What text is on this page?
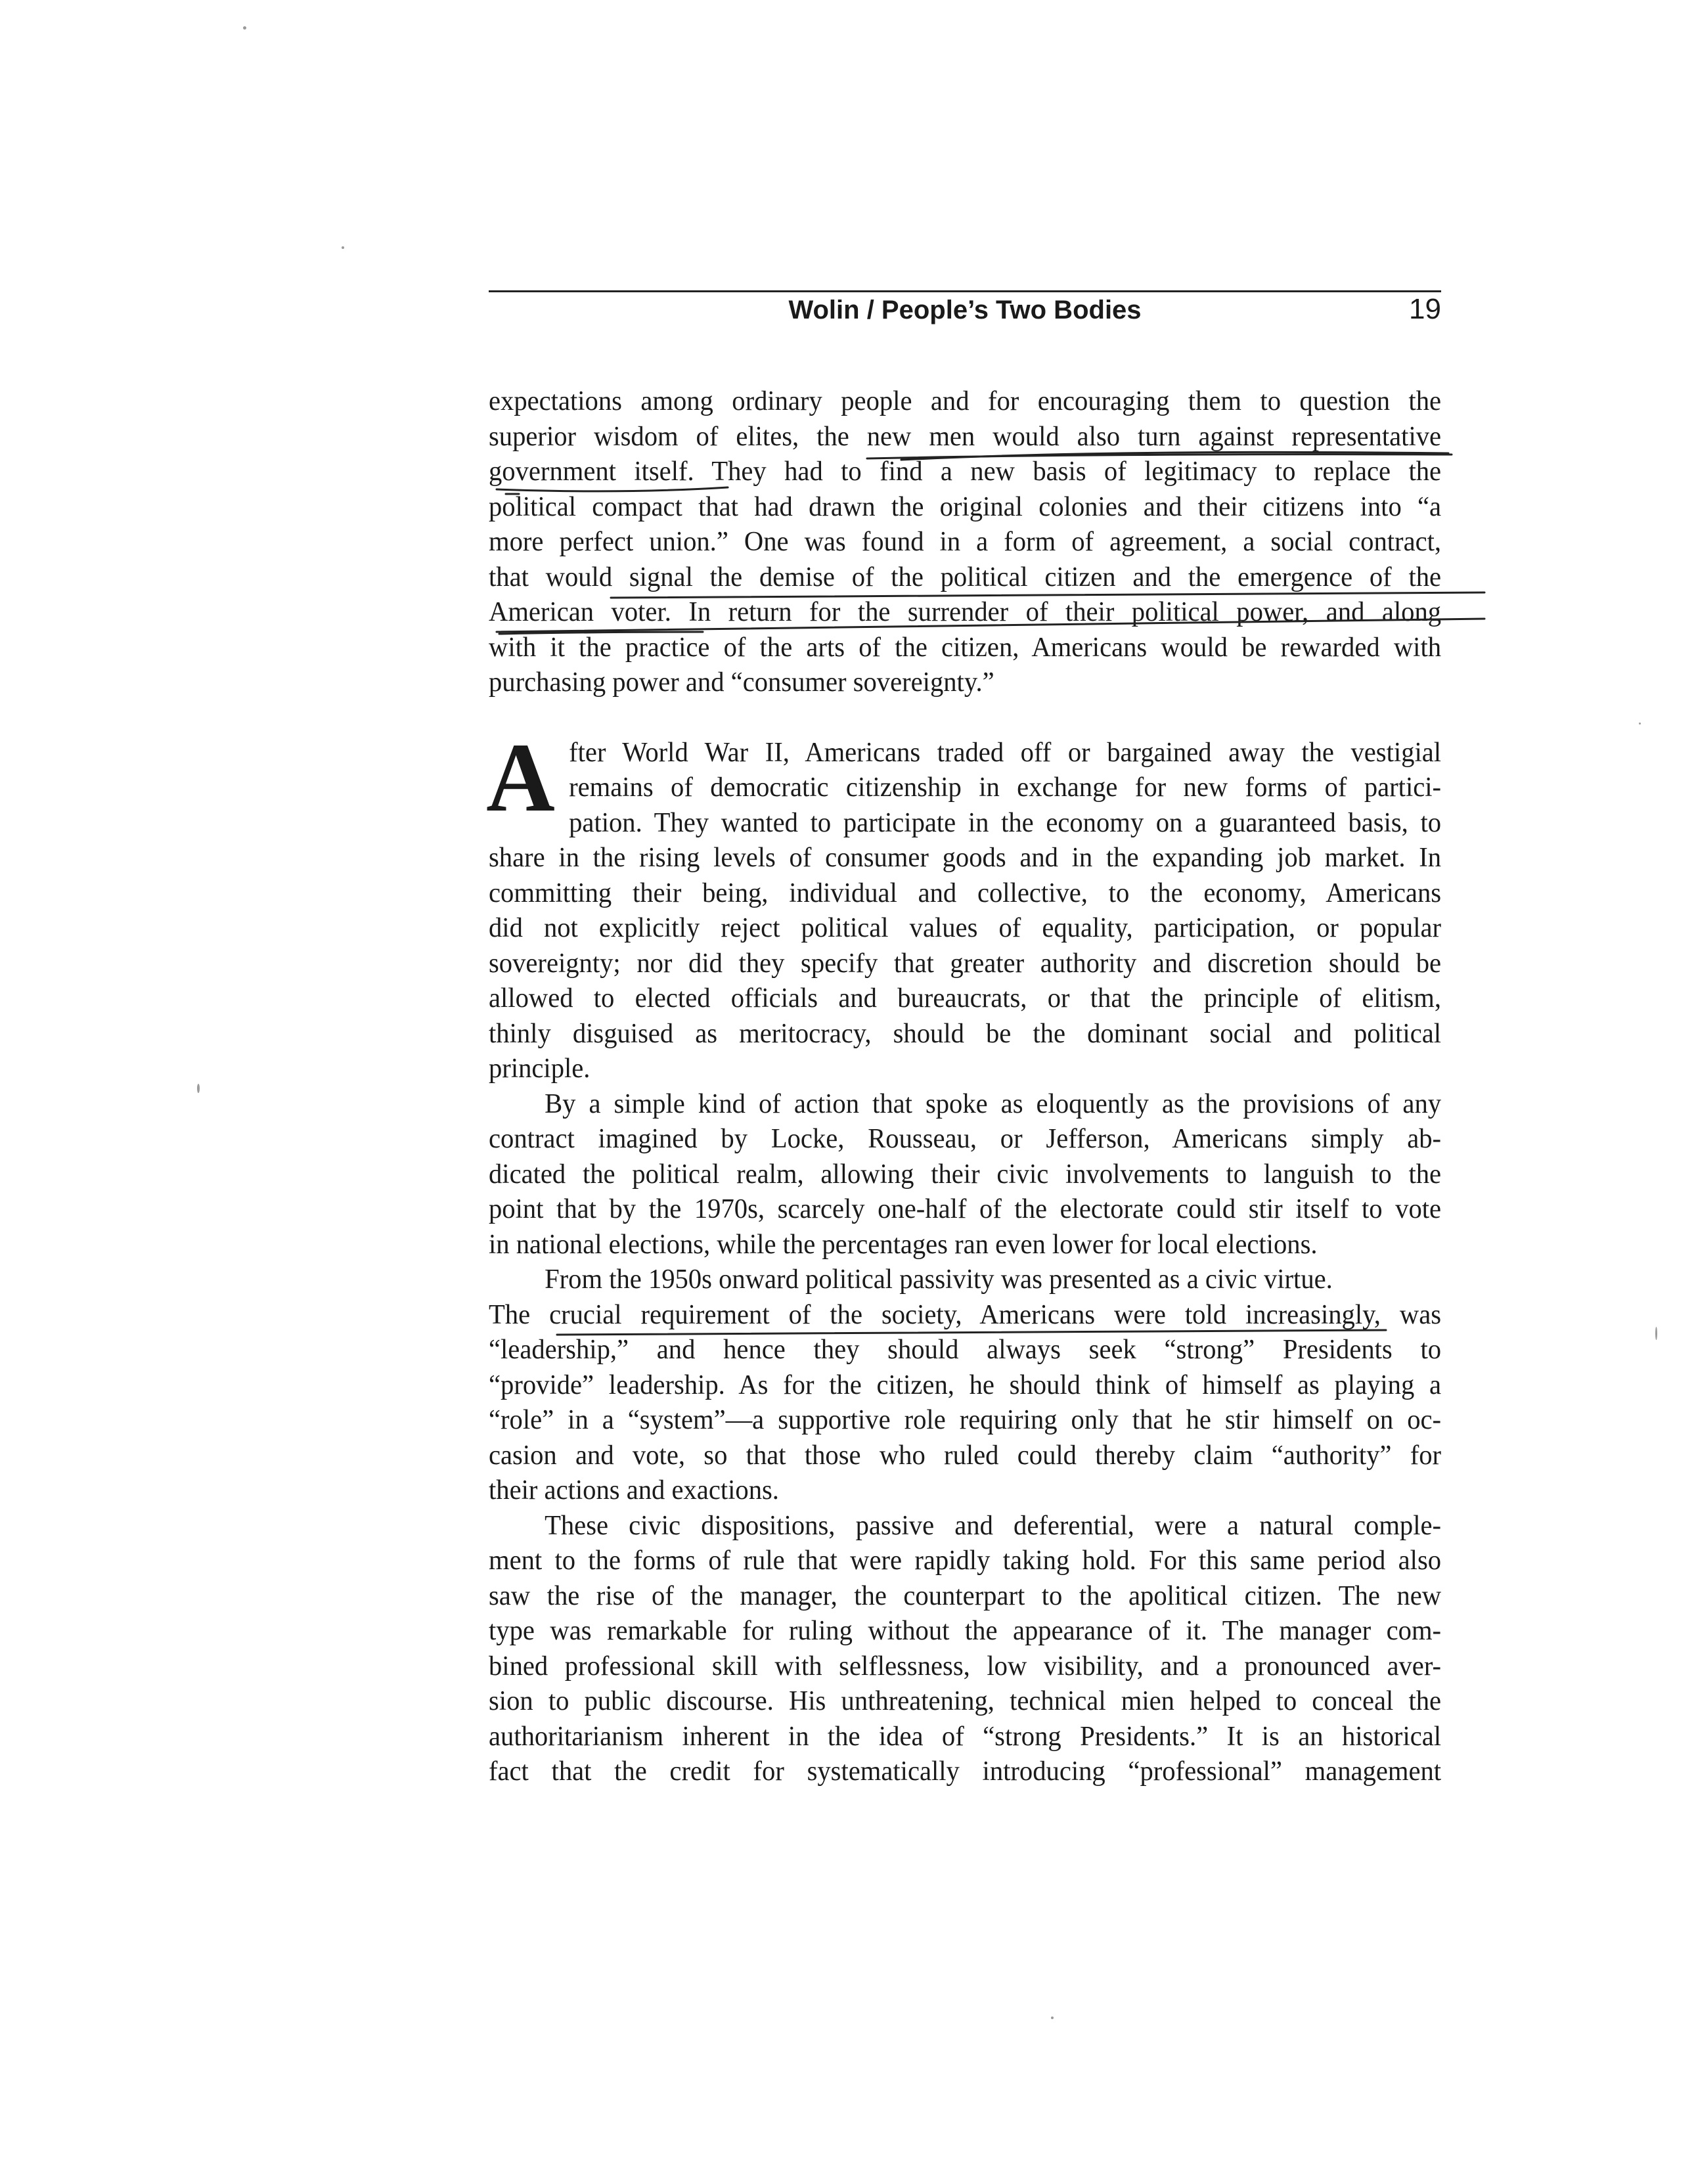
Wolin / People’s Two Bodies	19

expectations among ordinary people and for encouraging them to question the
superior wisdom of elites, the new men would also turn against representative
government itself. They had to find a new basis of legitimacy to replace the
political compact that had drawn the original colonies and their citizens into “a
more perfect union.” One was found in a form of agreement, a social contract,
that would signal the demise of the political citizen and the emergence of the
American voter. In return for the surrender of their political power, and along
with it the practice of the arts of the citizen, Americans would be rewarded with
purchasing power and “consumer sovereignty.”

A fter World War II, Americans traded off or bargained away the vestigial
remains of democratic citizenship in exchange for new forms of partici-
pation. They wanted to participate in the economy on a guaranteed basis, to
share in the rising levels of consumer goods and in the expanding job market. In
committing their being, individual and collective, to the economy, Americans
did not explicitly reject political values of equality, participation, or popular
sovereignty; nor did they specify that greater authority and discretion should be
allowed to elected officials and bureaucrats, or that the principle of elitism,
thinly disguised as meritocracy, should be the dominant social and political
principle.

By a simple kind of action that spoke as eloquently as the provisions of any
contract imagined by Locke, Rousseau, or Jefferson, Americans simply ab-
dicated the political realm, allowing their civic involvements to languish to the
point that by the 1970s, scarcely one-half of the electorate could stir itself to vote
in national elections, while the percentages ran even lower for local elections.

From the 1950s onward political passivity was presented as a civic virtue.
The crucial requirement of the society, Americans were told increasingly, was
“leadership,” and hence they should always seek “strong” Presidents to
“provide” leadership. As for the citizen, he should think of himself as playing a
“role” in a “system”—a supportive role requiring only that he stir himself on oc-
casion and vote, so that those who ruled could thereby claim “authority” for
their actions and exactions.

These civic dispositions, passive and deferential, were a natural comple-
ment to the forms of rule that were rapidly taking hold. For this same period also
saw the rise of the manager, the counterpart to the apolitical citizen. The new
type was remarkable for ruling without the appearance of it. The manager com-
bined professional skill with selflessness, low visibility, and a pronounced aver-
sion to public discourse. His unthreatening, technical mien helped to conceal the
authoritarianism inherent in the idea of “strong Presidents.” It is an historical
fact that the credit for systematically introducing “professional” management
